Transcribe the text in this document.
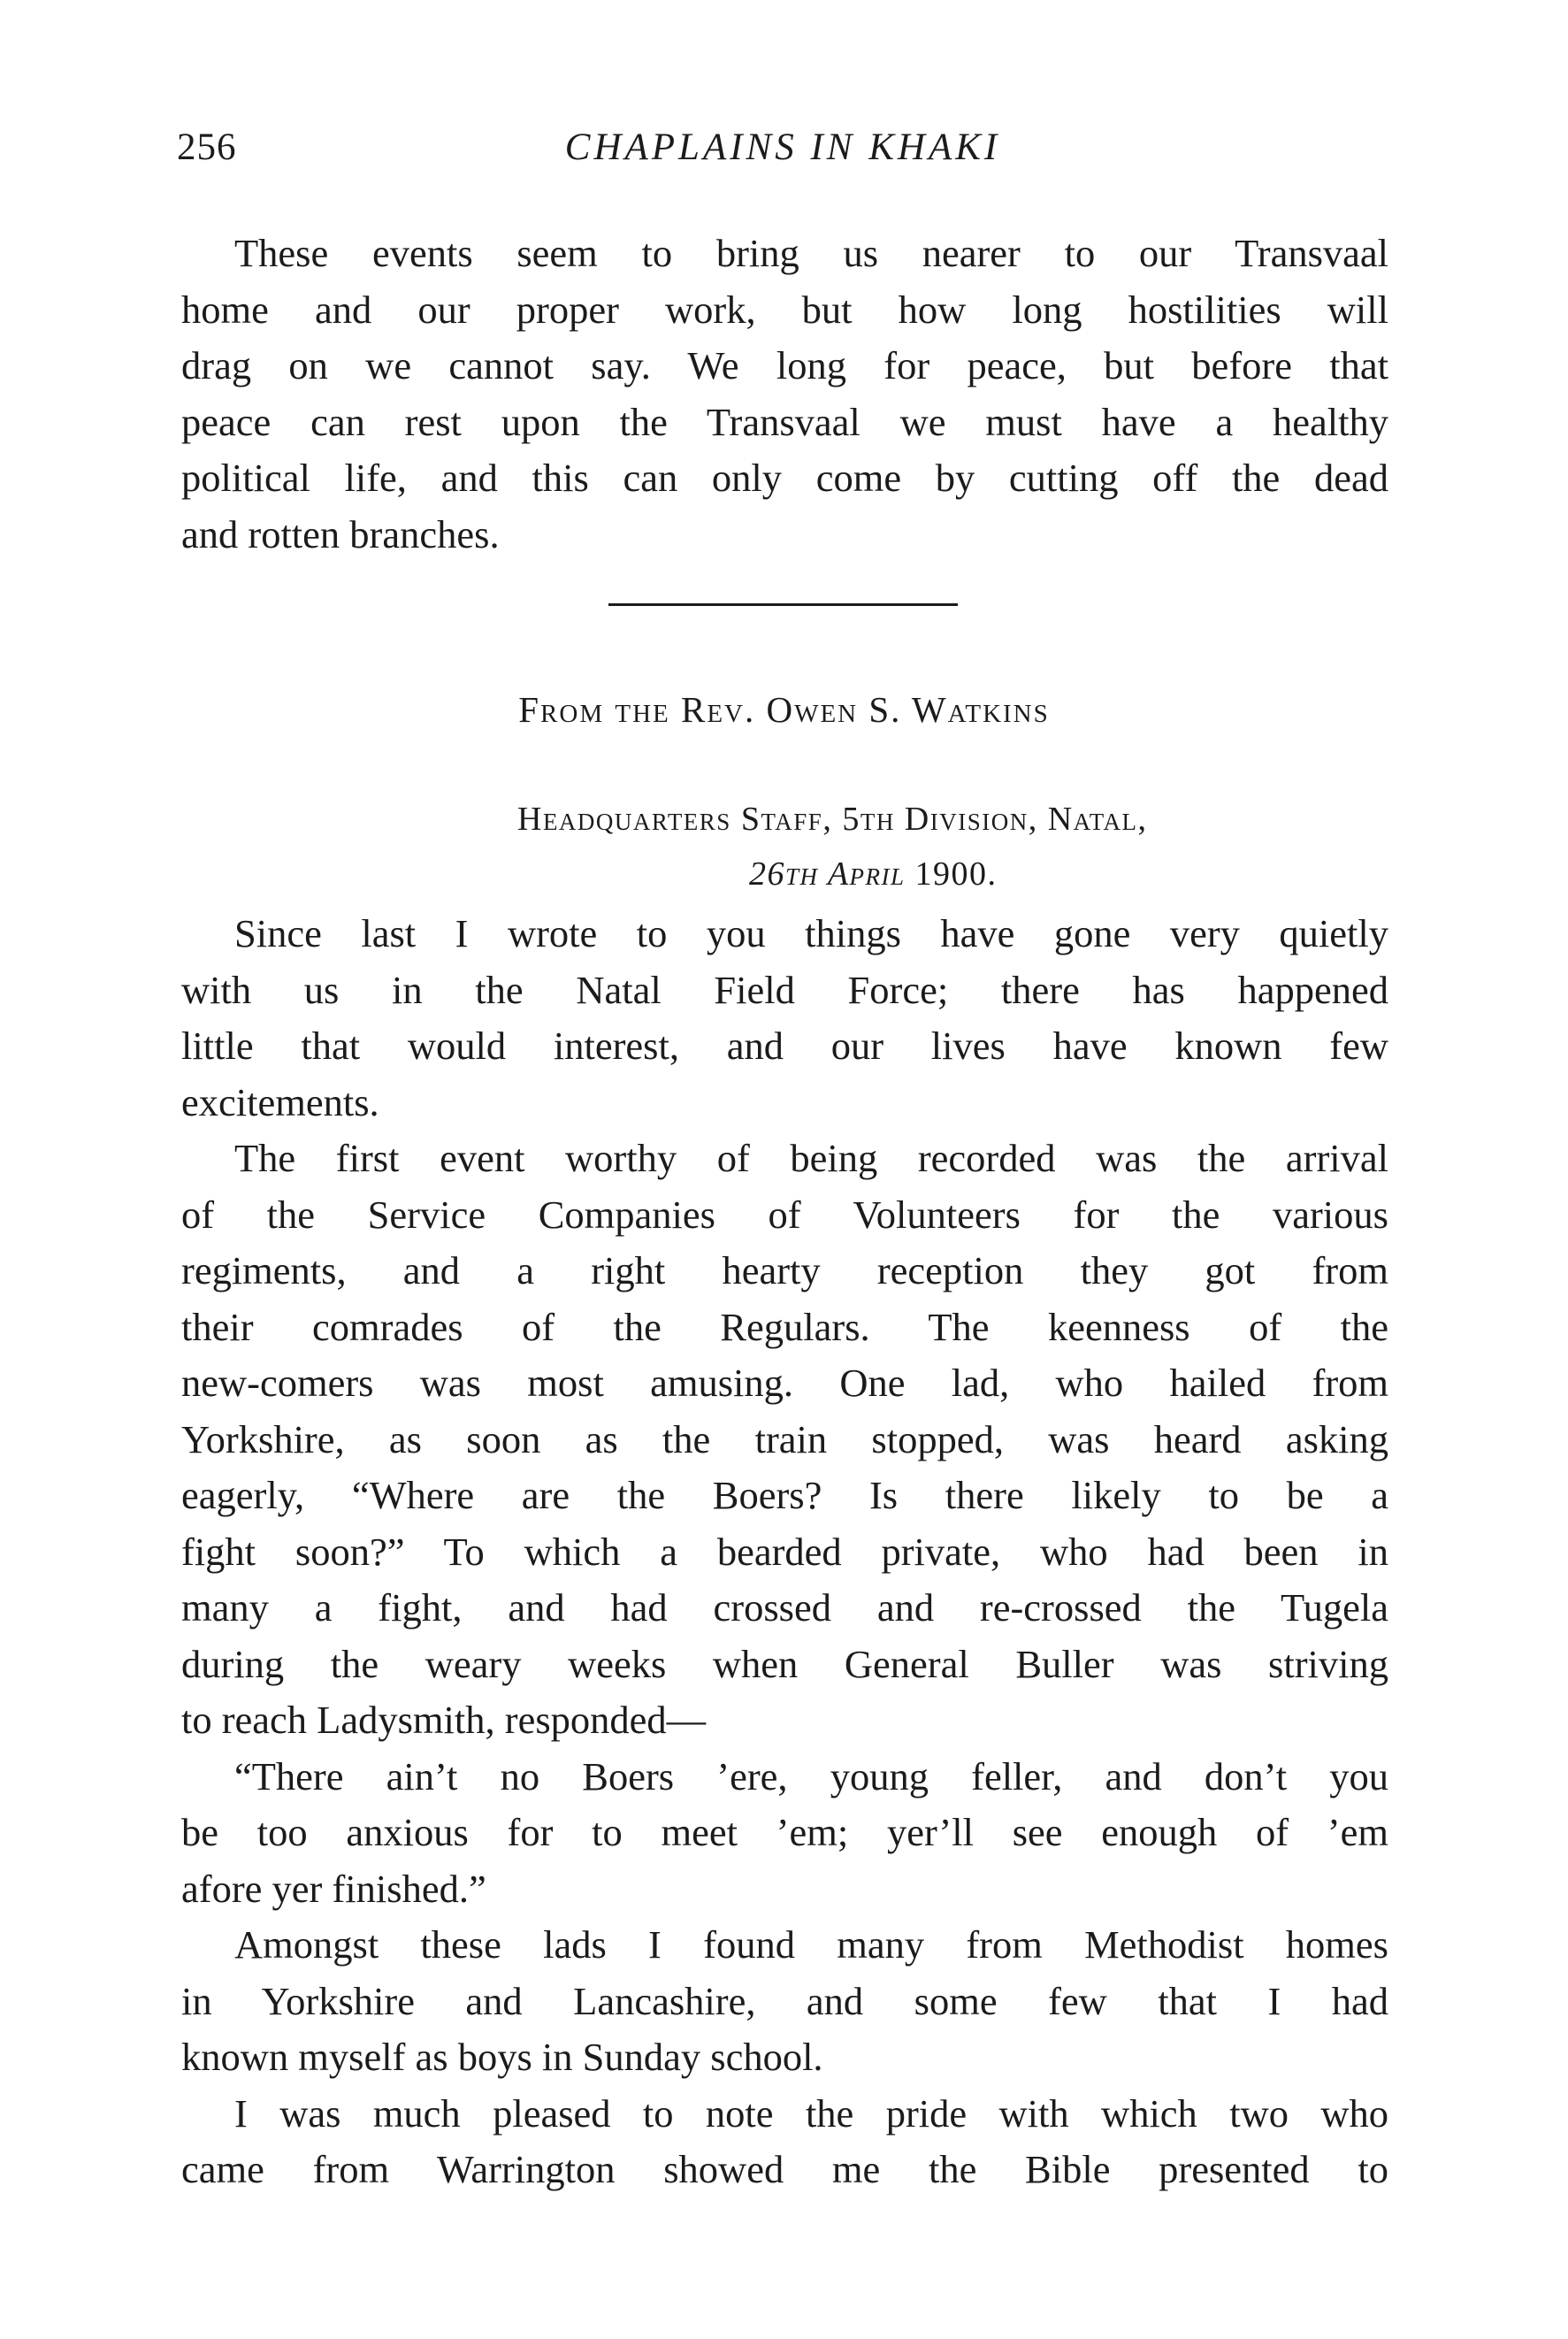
256	CHAPLAINS IN KHAKI
These events seem to bring us nearer to our Transvaal
home and our proper work, but how long hostilities will
drag on we cannot say. We long for peace, but before that
peace can rest upon the Transvaal we must have a healthy
political life, and this can only come by cutting off the dead
and rotten branches.
From the Rev. Owen S. Watkins
Headquarters Staff, 5th Division, Natal,
26th April 1900.
Since last I wrote to you things have gone very quietly
with us in the Natal Field Force; there has happened
little that would interest, and our lives have known few
excitements.
The first event worthy of being recorded was the arrival
of the Service Companies of Volunteers for the various
regiments, and a right hearty reception they got from
their comrades of the Regulars. The keenness of the
new-comers was most amusing. One lad, who hailed from
Yorkshire, as soon as the train stopped, was heard asking
eagerly, “Where are the Boers? Is there likely to be a
fight soon?” To which a bearded private, who had been in
many a fight, and had crossed and re-crossed the Tugela
during the weary weeks when General Buller was striving
to reach Ladysmith, responded—
“There ain’t no Boers ’ere, young feller, and don’t you
be too anxious for to meet ’em; yer’ll see enough of ’em
afore yer finished.”
Amongst these lads I found many from Methodist homes
in Yorkshire and Lancashire, and some few that I had
known myself as boys in Sunday school.
I was much pleased to note the pride with which two who
came from Warrington showed me the Bible presented to
